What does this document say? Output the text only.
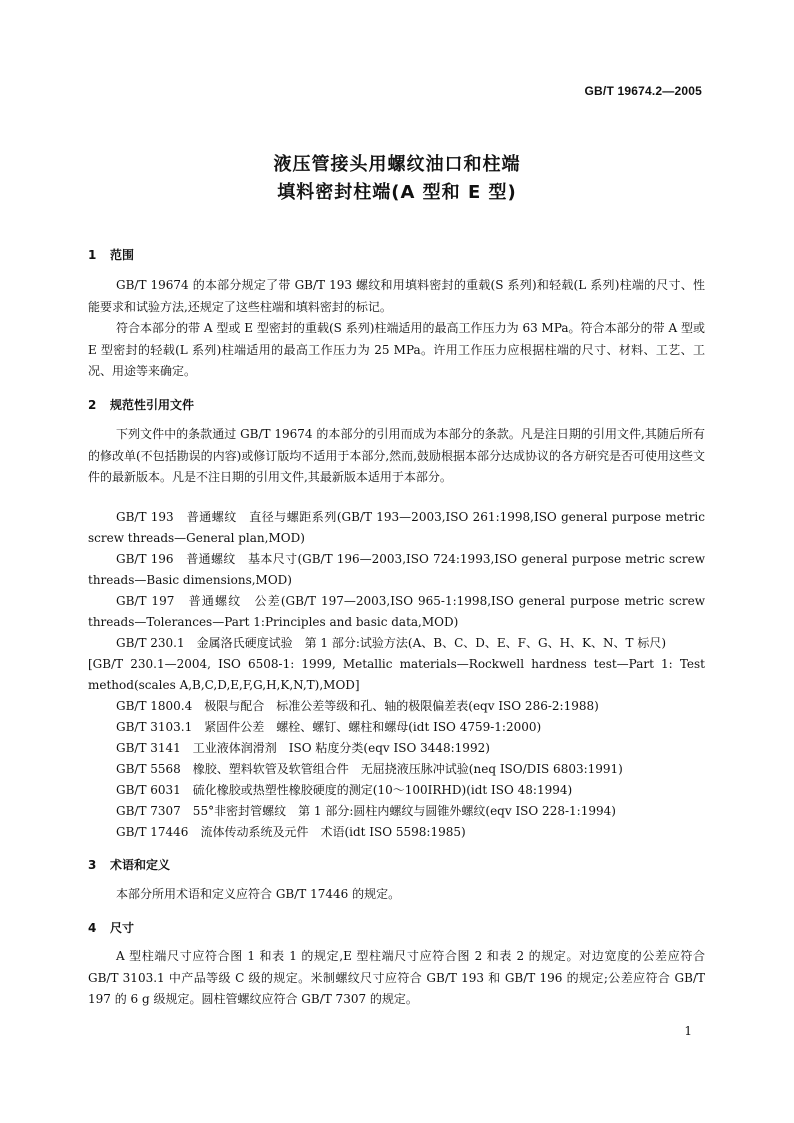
GB/T 19674.2—2005
液压管接头用螺纹油口和柱端
填料密封柱端(A 型和 E 型)
1 范围

GB/T 19674 的本部分规定了带 GB/T 193 螺纹和用填料密封的重载(S 系列)和轻载(L 系列)柱端的尺寸、性能要求和试验方法,还规定了这些柱端和填料密封的标记。

符合本部分的带 A 型或 E 型密封的重载(S 系列)柱端适用的最高工作压力为 63 MPa。符合本部分的带 A 型或 E 型密封的轻载(L 系列)柱端适用的最高工作压力为 25 MPa。许用工作压力应根据柱端的尺寸、材料、工艺、工况、用途等来确定。

2 规范性引用文件

下列文件中的条款通过 GB/T 19674 的本部分的引用而成为本部分的条款。凡是注日期的引用文件,其随后所有的修改单(不包括勘误的内容)或修订版均不适用于本部分,然而,鼓励根据本部分达成协议的各方研究是否可使用这些文件的最新版本。凡是不注日期的引用文件,其最新版本适用于本部分。

GB/T 193　普通螺纹　直径与螺距系列(GB/T 193—2003,ISO 261:1998,ISO general purpose metric screw threads—General plan,MOD)

GB/T 196　普通螺纹　基本尺寸(GB/T 196—2003,ISO 724:1993,ISO general purpose metric screw threads—Basic dimensions,MOD)

GB/T 197　普通螺纹　公差(GB/T 197—2003,ISO 965-1:1998,ISO general purpose metric screw threads—Tolerances—Part 1:Principles and basic data,MOD)

GB/T 230.1　金属洛氏硬度试验　第 1 部分:试验方法(A、B、C、D、E、F、G、H、K、N、T 标尺)

[GB/T 230.1—2004, ISO 6508-1: 1999, Metallic materials—Rockwell hardness test—Part 1: Test method(scales A,B,C,D,E,F,G,H,K,N,T),MOD]

GB/T 1800.4　极限与配合　标准公差等级和孔、轴的极限偏差表(eqv ISO 286-2:1988)

GB/T 3103.1　紧固件公差　螺栓、螺钉、螺柱和螺母(idt ISO 4759-1:2000)

GB/T 3141　工业液体润滑剂　ISO 粘度分类(eqv ISO 3448:1992)

GB/T 5568　橡胶、塑料软管及软管组合件　无屈挠液压脉冲试验(neq ISO/DIS 6803:1991)

GB/T 6031　硫化橡胶或热塑性橡胶硬度的测定(10～100IRHD)(idt ISO 48:1994)

GB/T 7307　55°非密封管螺纹　第 1 部分:圆柱内螺纹与圆锥外螺纹(eqv ISO 228-1:1994)

GB/T 17446　流体传动系统及元件　术语(idt ISO 5598:1985)

3 术语和定义

本部分所用术语和定义应符合 GB/T 17446 的规定。

4 尺寸

A 型柱端尺寸应符合图 1 和表 1 的规定,E 型柱端尺寸应符合图 2 和表 2 的规定。对边宽度的公差应符合 GB/T 3103.1 中产品等级 C 级的规定。米制螺纹尺寸应符合 GB/T 193 和 GB/T 196 的规定;公差应符合 GB/T 197 的 6 g 级规定。圆柱管螺纹应符合 GB/T 7307 的规定。

1
